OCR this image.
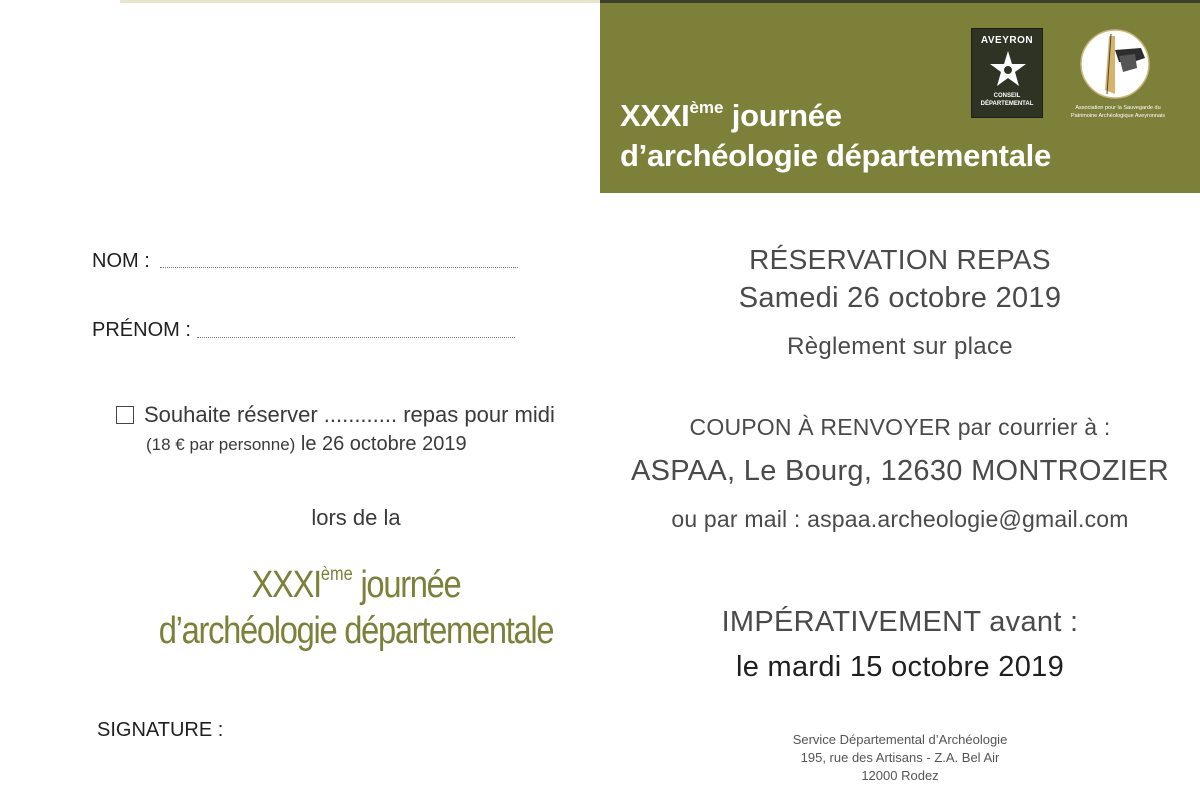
XXXIème journée
d’archéologie départementale
AVEYRON
CONSEIL
DÉPARTEMENTAL
Association pour la Sauvegarde du
Patrimoine Archéologique Aveyronnais
NOM :
PRÉNOM :
Souhaite réserver ............ repas pour midi
(18 € par personne) le 26 octobre 2019
lors de la
XXXIème journée
d’archéologie départementale
SIGNATURE :
RÉSERVATION REPAS
Samedi 26 octobre 2019
Règlement sur place
COUPON À RENVOYER par courrier à :
ASPAA, Le Bourg, 12630 MONTROZIER
ou par mail : aspaa.archeologie@gmail.com
IMPÉRATIVEMENT avant :
le mardi 15 octobre 2019
Service Départemental d’Archéologie
195, rue des Artisans - Z.A. Bel Air
12000 Rodez
